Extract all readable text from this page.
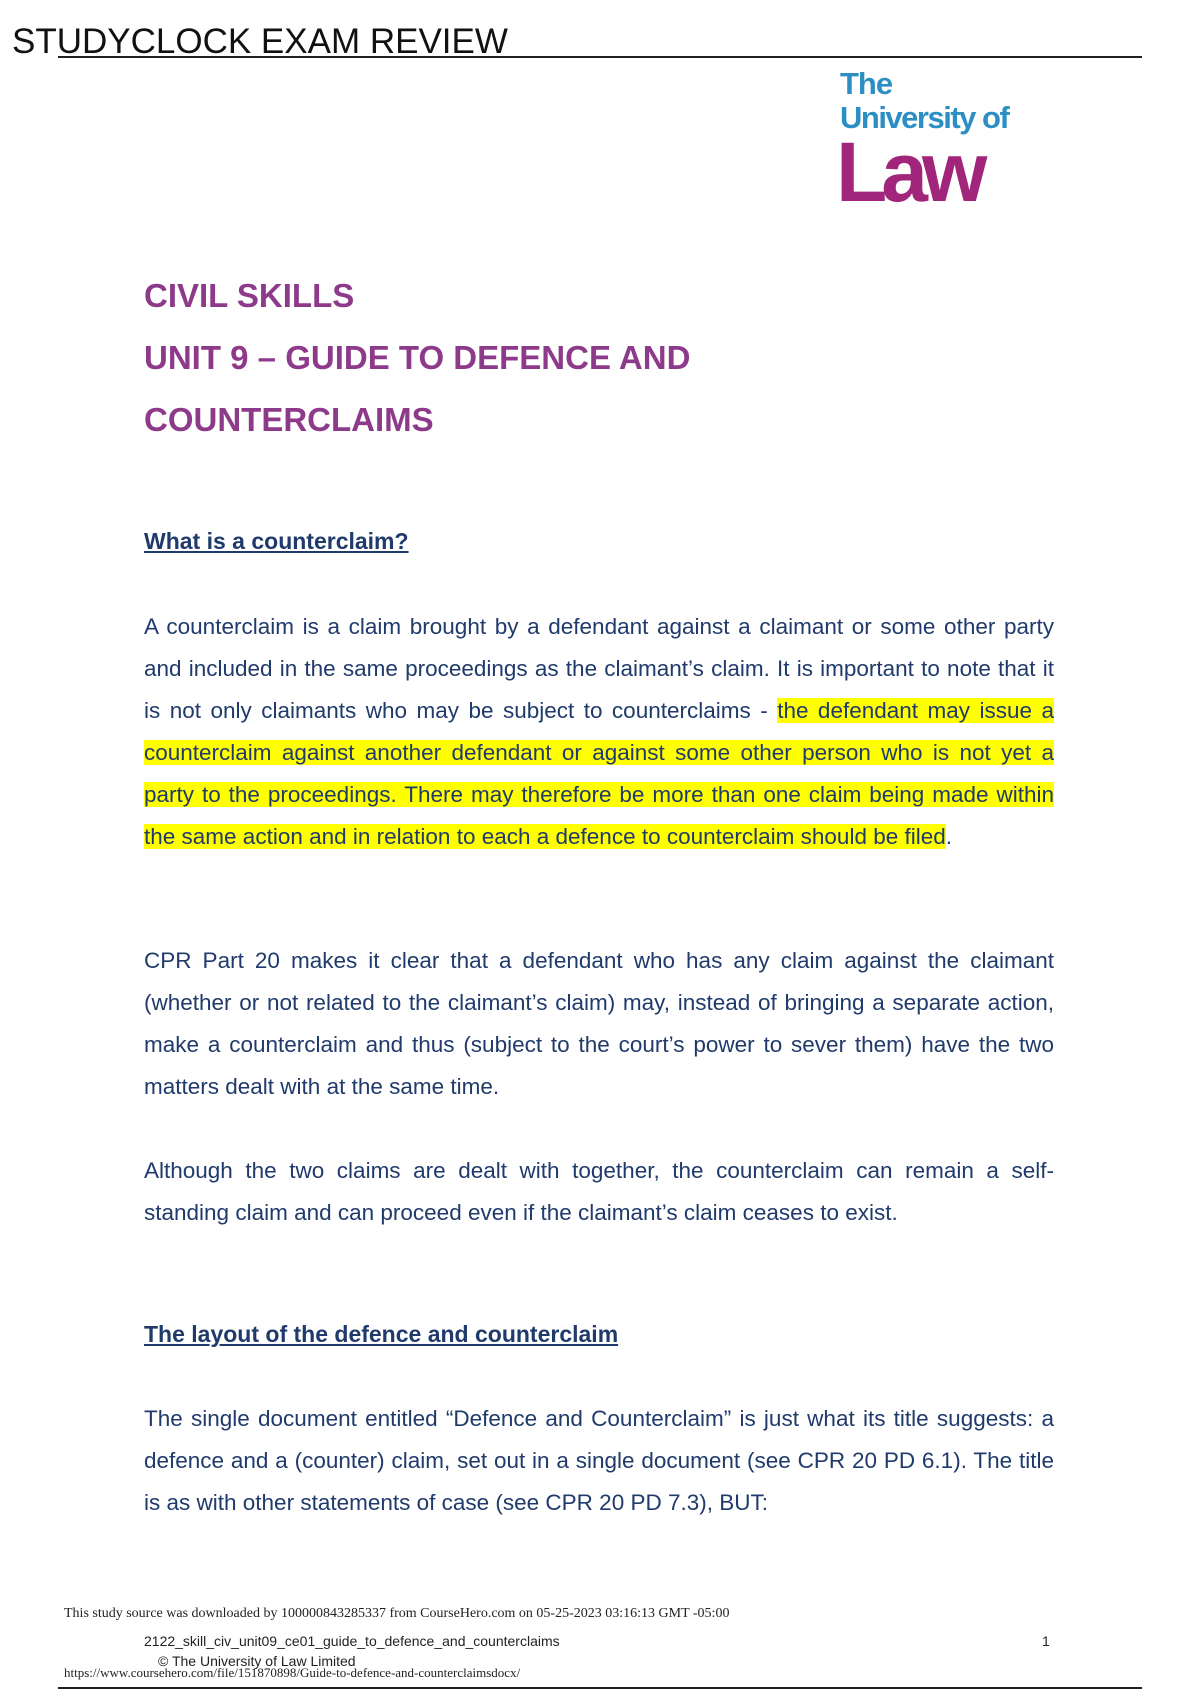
STUDYCLOCK EXAM REVIEW
The
University of
Law
CIVIL SKILLS
UNIT 9 – GUIDE TO DEFENCE AND
COUNTERCLAIMS
What is a counterclaim?
A counterclaim is a claim brought by a defendant against a claimant or some other party and included in the same proceedings as the claimant’s claim. It is important to note that it is not only claimants who may be subject to counterclaims - the defendant may issue a counterclaim against another defendant or against some other person who is not yet a party to the proceedings. There may therefore be more than one claim being made within the same action and in relation to each a defence to counterclaim should be filed.
CPR Part 20 makes it clear that a defendant who has any claim against the claimant (whether or not related to the claimant’s claim) may, instead of bringing a separate action, make a counterclaim and thus (subject to the court’s power to sever them) have the two matters dealt with at the same time.
Although the two claims are dealt with together, the counterclaim can remain a self-standing claim and can proceed even if the claimant’s claim ceases to exist.
The layout of the defence and counterclaim
The single document entitled “Defence and Counterclaim” is just what its title suggests: a defence and a (counter) claim, set out in a single document (see CPR 20 PD 6.1). The title is as with other statements of case (see CPR 20 PD 7.3), BUT:
This study source was downloaded by 100000843285337 from CourseHero.com on 05-25-2023 03:16:13 GMT -05:00
2122_skill_civ_unit09_ce01_guide_to_defence_and_counterclaims	1
© The University of Law Limited
https://www.coursehero.com/file/151870898/Guide-to-defence-and-counterclaimsdocx/
